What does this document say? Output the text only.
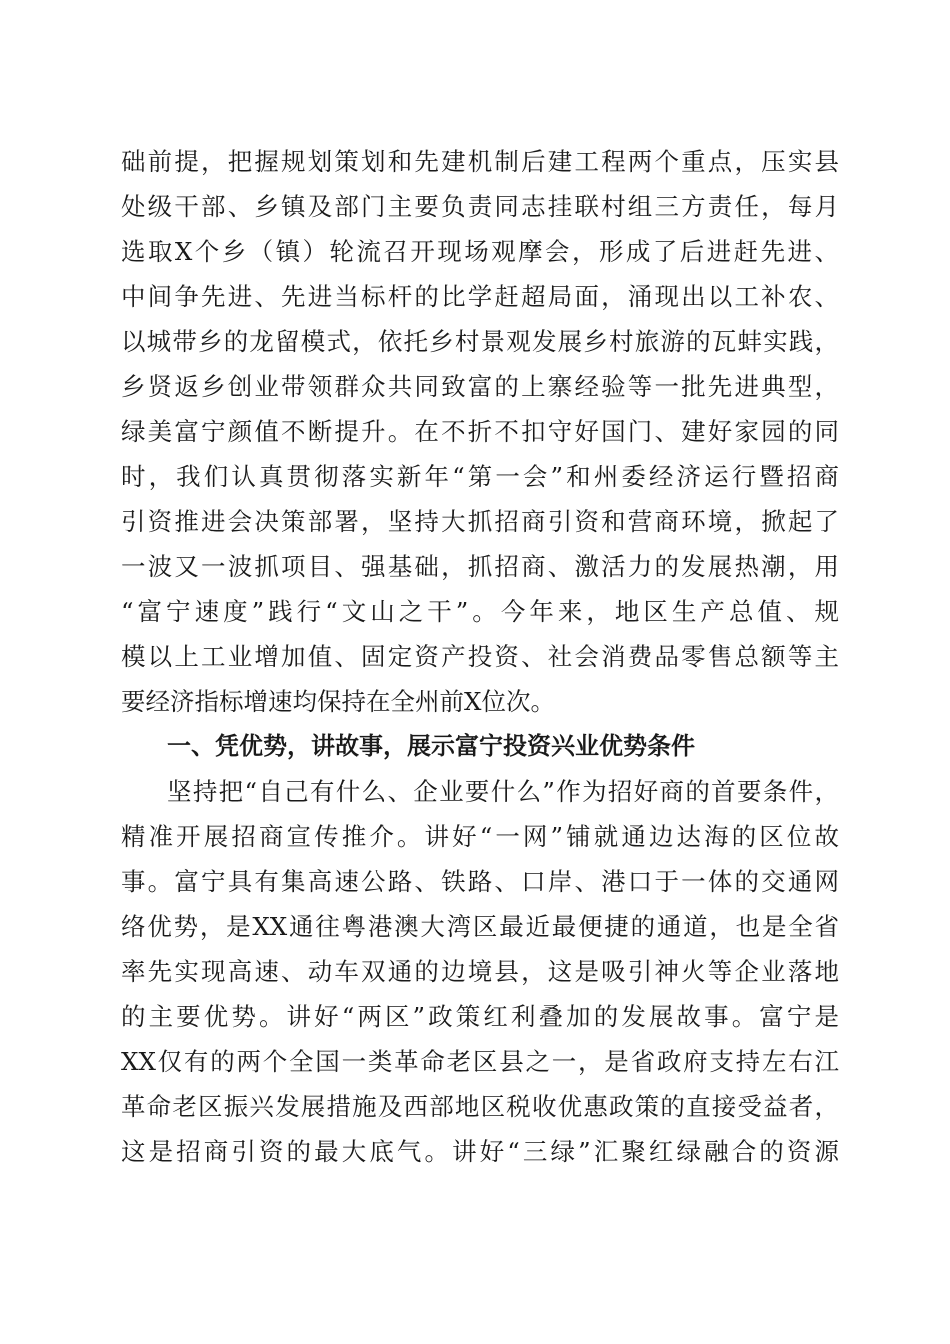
础前提，把握规划策划和先建机制后建工程两个重点，压实县
处级干部、乡镇及部门主要负责同志挂联村组三方责任，每月
选取X个乡（镇）轮流召开现场观摩会，形成了后进赶先进、
中间争先进、先进当标杆的比学赶超局面，涌现出以工补农、
以城带乡的龙留模式，依托乡村景观发展乡村旅游的瓦蚌实践，
乡贤返乡创业带领群众共同致富的上寨经验等一批先进典型，
绿美富宁颜值不断提升。在不折不扣守好国门、建好家园的同
时，我们认真贯彻落实新年“第一会”和州委经济运行暨招商
引资推进会决策部署，坚持大抓招商引资和营商环境，掀起了
一波又一波抓项目、强基础，抓招商、激活力的发展热潮，用
“富宁速度”践行“文山之干”。今年来，地区生产总值、规
模以上工业增加值、固定资产投资、社会消费品零售总额等主
要经济指标增速均保持在全州前X位次。
一、凭优势，讲故事，展示富宁投资兴业优势条件
坚持把“自己有什么、企业要什么”作为招好商的首要条件，
精准开展招商宣传推介。讲好“一网”铺就通边达海的区位故
事。富宁具有集高速公路、铁路、口岸、港口于一体的交通网
络优势，是XX通往粤港澳大湾区最近最便捷的通道，也是全省
率先实现高速、动车双通的边境县，这是吸引神火等企业落地
的主要优势。讲好“两区”政策红利叠加的发展故事。富宁是
XX仅有的两个全国一类革命老区县之一，是省政府支持左右江
革命老区振兴发展措施及西部地区税收优惠政策的直接受益者，
这是招商引资的最大底气。讲好“三绿”汇聚红绿融合的资源
